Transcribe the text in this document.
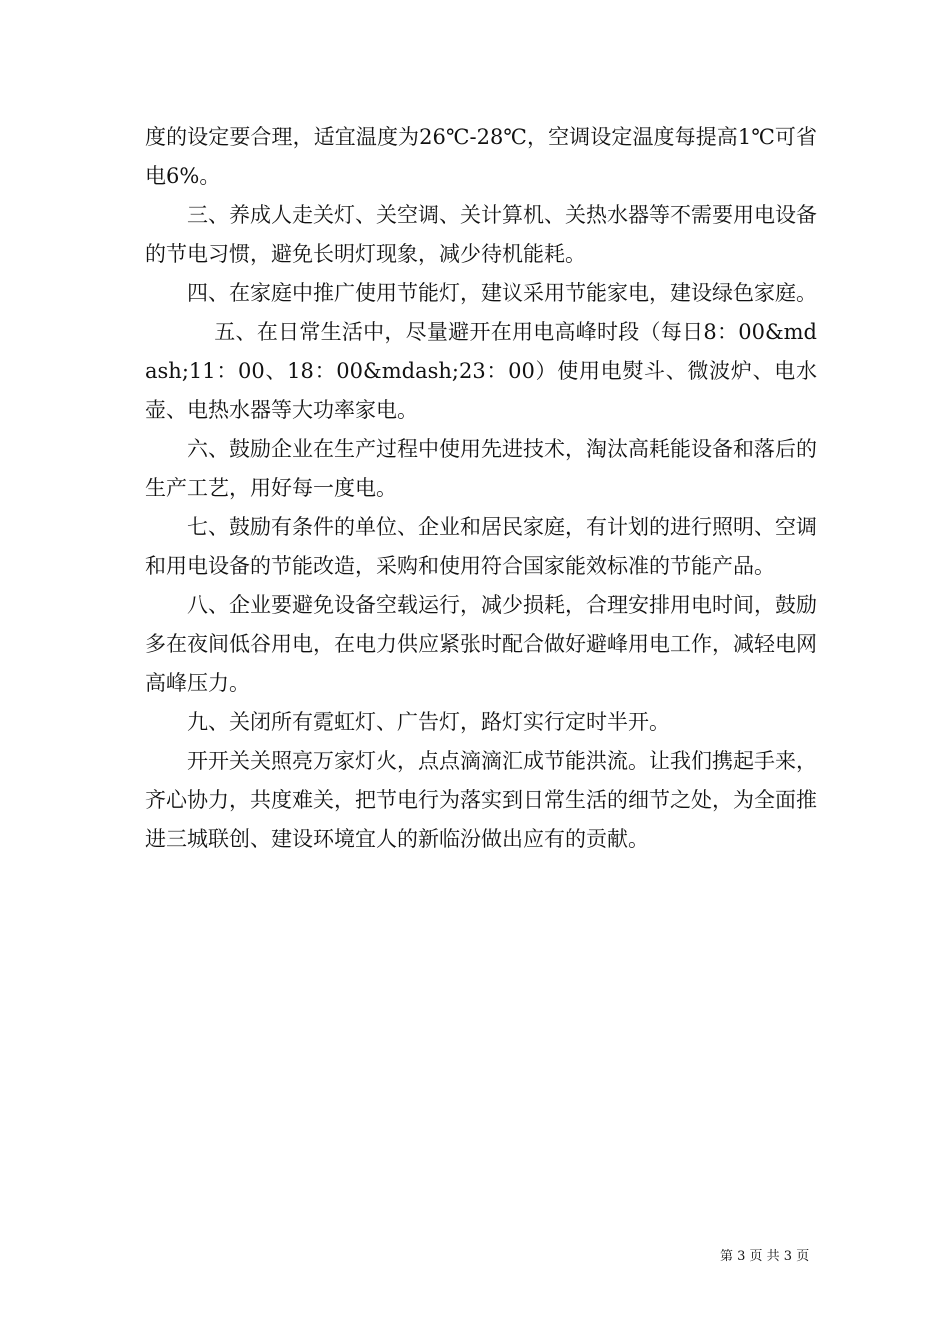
度的设定要合理，适宜温度为26℃-28℃，空调设定温度每提高1℃可省电6%。

三、养成人走关灯、关空调、关计算机、关热水器等不需要用电设备的节电习惯，避免长明灯现象，减少待机能耗。

四、在家庭中推广使用节能灯，建议采用节能家电，建设绿色家庭。

五、在日常生活中，尽量避开在用电高峰时段（每日8：00&mdash;11：00、18：00&mdash;23：00）使用电熨斗、微波炉、电水壶、电热水器等大功率家电。

六、鼓励企业在生产过程中使用先进技术，淘汰高耗能设备和落后的生产工艺，用好每一度电。

七、鼓励有条件的单位、企业和居民家庭，有计划的进行照明、空调和用电设备的节能改造，采购和使用符合国家能效标准的节能产品。

八、企业要避免设备空载运行，减少损耗，合理安排用电时间，鼓励多在夜间低谷用电，在电力供应紧张时配合做好避峰用电工作，减轻电网高峰压力。

九、关闭所有霓虹灯、广告灯，路灯实行定时半开。

开开关关照亮万家灯火，点点滴滴汇成节能洪流。让我们携起手来，齐心协力，共度难关，把节电行为落实到日常生活的细节之处，为全面推进三城联创、建设环境宜人的新临汾做出应有的贡献。

第 3 页 共 3 页
